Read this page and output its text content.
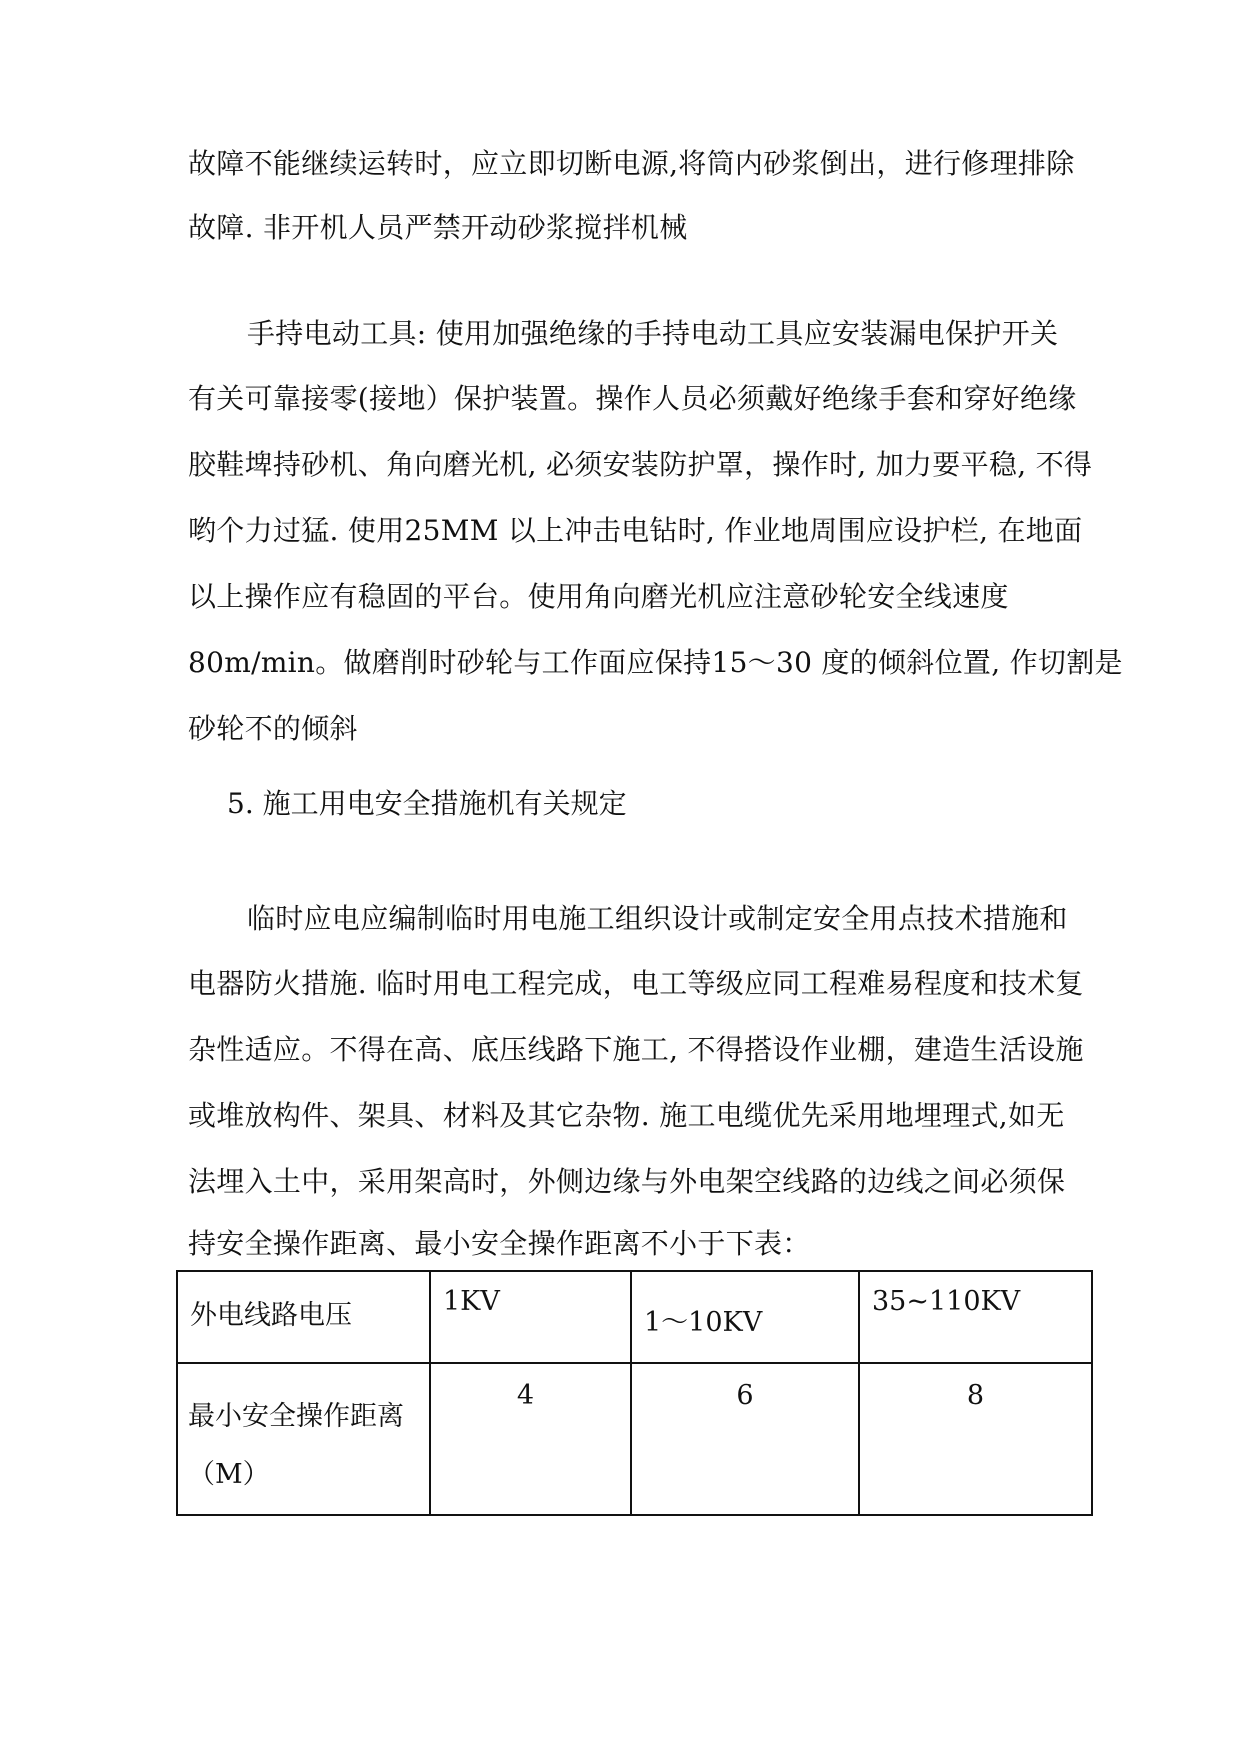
故障不能继续运转时，应立即切断电源,将筒内砂浆倒出，进行修理排除
故障. 非开机人员严禁开动砂浆搅拌机械
手持电动工具: 使用加强绝缘的手持电动工具应安装漏电保护开关
有关可靠接零(接地）保护装置。操作人员必须戴好绝缘手套和穿好绝缘
胶鞋埤持砂机、角向磨光机, 必须安装防护罩，操作时, 加力要平稳, 不得
哟个力过猛. 使用25MM 以上冲击电钻时, 作业地周围应设护栏, 在地面
以上操作应有稳固的平台。使用角向磨光机应注意砂轮安全线速度
80m/min。做磨削时砂轮与工作面应保持15～30 度的倾斜位置, 作切割是
砂轮不的倾斜
5. 施工用电安全措施机有关规定
临时应电应编制临时用电施工组织设计或制定安全用点技术措施和
电器防火措施. 临时用电工程完成，电工等级应同工程难易程度和技术复
杂性适应。不得在高、底压线路下施工, 不得搭设作业棚，建造生活设施
或堆放构件、架具、材料及其它杂物. 施工电缆优先采用地埋理式,如无
法埋入土中，采用架高时，外侧边缘与外电架空线路的边线之间必须保
持安全操作距离、最小安全操作距离不小于下表：
外电线路电压	1KV	1～10KV	35~110KV

最小安全操作距离（M）	4	6	8
